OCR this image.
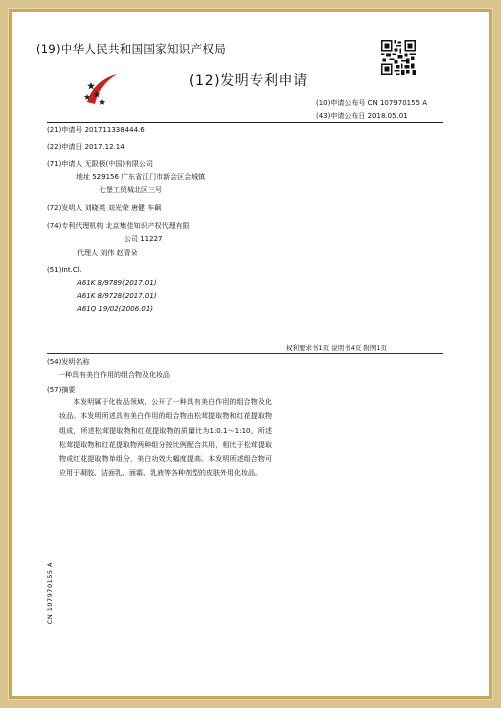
(19)中华人民共和国国家知识产权局
(12)发明专利申请
(10)申请公布号 CN 107970155 A
(43)申请公布日 2018.05.01
(21)申请号 201711338444.6
(22)申请日 2017.12.14
(71)申请人 无限极(中国)有限公司
地址 529156 广东省江门市新会区会城镇
七堡工贸城北区三号
(72)发明人 刘晓英 刘光荣 唐健 车飙
(74)专利代理机构 北京集佳知识产权代理有限
公司 11227
代理人 刘伟 赵青朵
(51)Int.Cl.
A61K 8/9789(2017.01)
A61K 8/9728(2017.01)
A61Q 19/02(2006.01)
权利要求书1页 说明书4页 附图1页
(54)发明名称
一种具有美白作用的组合物及化妆品
(57)摘要
本发明属于化妆品领域，公开了一种具有美白作用的组合物及化妆品。本发明所述具有美白作用的组合物由松茸提取物和红花提取物组成，所述松茸提取物和红花提取物的质量比为1:0.1～1:10。所述松茸提取物和红花提取物两种组分按比例配合共用，相比于松茸提取物或红花提取物单组分，美白功效大幅度提高。本发明所述组合物可应用于凝胶、洁面乳、面霜、乳液等各种剂型的皮肤外用化妆品。
CN 107970155 A
